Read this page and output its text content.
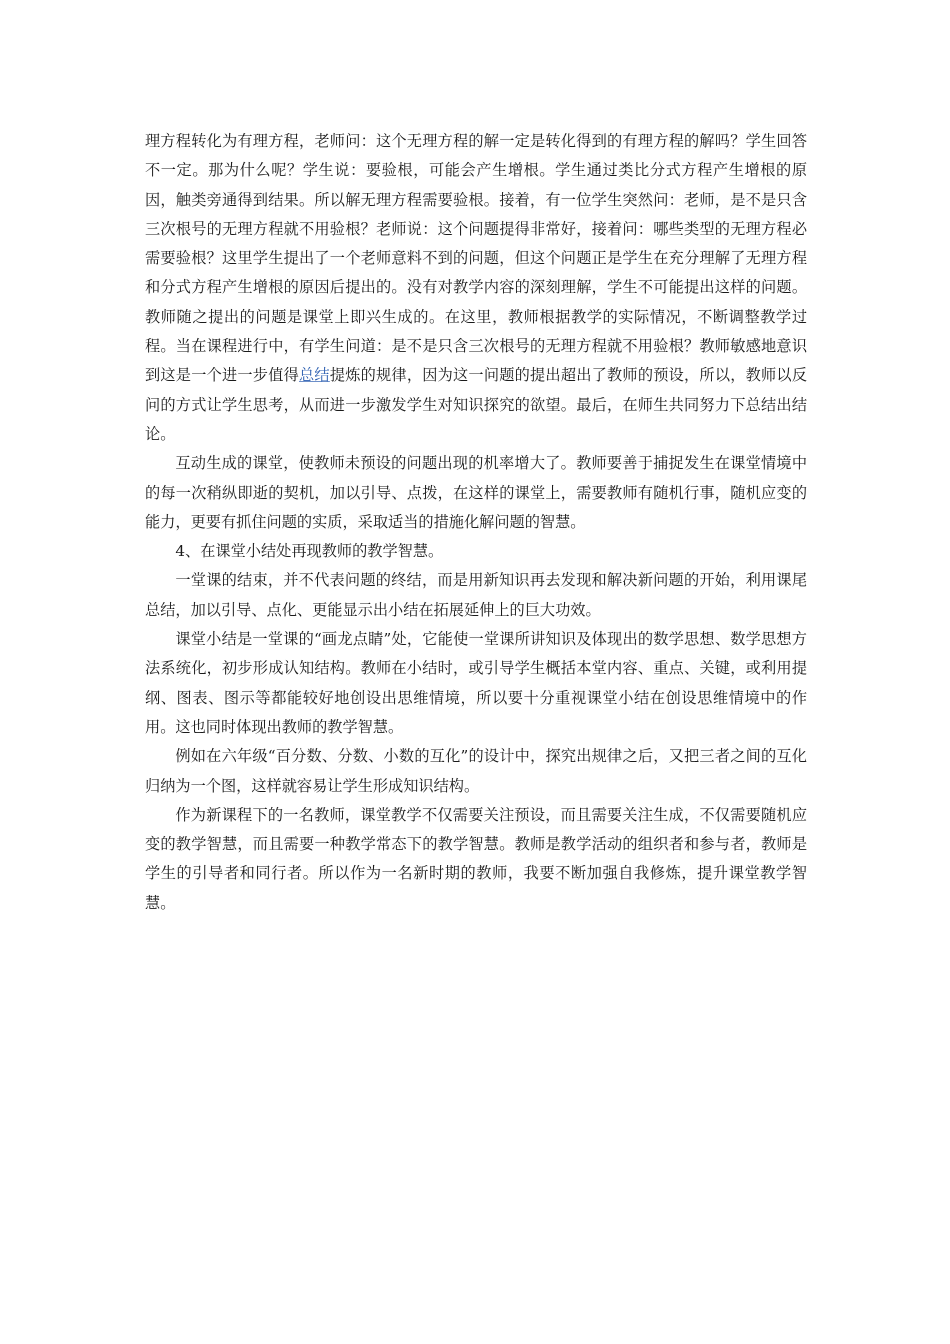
理方程转化为有理方程，老师问：这个无理方程的解一定是转化得到的有理方程的解吗？学生回答不一定。那为什么呢？学生说：要验根，可能会产生增根。学生通过类比分式方程产生增根的原因，触类旁通得到结果。所以解无理方程需要验根。接着，有一位学生突然问：老师，是不是只含三次根号的无理方程就不用验根？老师说：这个问题提得非常好，接着问：哪些类型的无理方程必需要验根？这里学生提出了一个老师意料不到的问题，但这个问题正是学生在充分理解了无理方程和分式方程产生增根的原因后提出的。没有对教学内容的深刻理解，学生不可能提出这样的问题。教师随之提出的问题是课堂上即兴生成的。在这里，教师根据教学的实际情况，不断调整教学过程。当在课程进行中，有学生问道：是不是只含三次根号的无理方程就不用验根？教师敏感地意识到这是一个进一步值得总结提炼的规律，因为这一问题的提出超出了教师的预设，所以，教师以反问的方式让学生思考，从而进一步激发学生对知识探究的欲望。最后，在师生共同努力下总结出结论。

互动生成的课堂，使教师未预设的问题出现的机率增大了。教师要善于捕捉发生在课堂情境中的每一次稍纵即逝的契机，加以引导、点拨，在这样的课堂上，需要教师有随机行事，随机应变的能力，更要有抓住问题的实质，采取适当的措施化解问题的智慧。

4、在课堂小结处再现教师的教学智慧。

一堂课的结束，并不代表问题的终结，而是用新知识再去发现和解决新问题的开始，利用课尾总结，加以引导、点化、更能显示出小结在拓展延伸上的巨大功效。

课堂小结是一堂课的“画龙点睛”处，它能使一堂课所讲知识及体现出的数学思想、数学思想方法系统化，初步形成认知结构。教师在小结时，或引导学生概括本堂内容、重点、关键，或利用提纲、图表、图示等都能较好地创设出思维情境，所以要十分重视课堂小结在创设思维情境中的作用。这也同时体现出教师的教学智慧。

例如在六年级“百分数、分数、小数的互化”的设计中，探究出规律之后，又把三者之间的互化归纳为一个图，这样就容易让学生形成知识结构。

作为新课程下的一名教师，课堂教学不仅需要关注预设，而且需要关注生成，不仅需要随机应变的教学智慧，而且需要一种教学常态下的教学智慧。教师是教学活动的组织者和参与者，教师是学生的引导者和同行者。所以作为一名新时期的教师，我要不断加强自我修炼，提升课堂教学智慧。
